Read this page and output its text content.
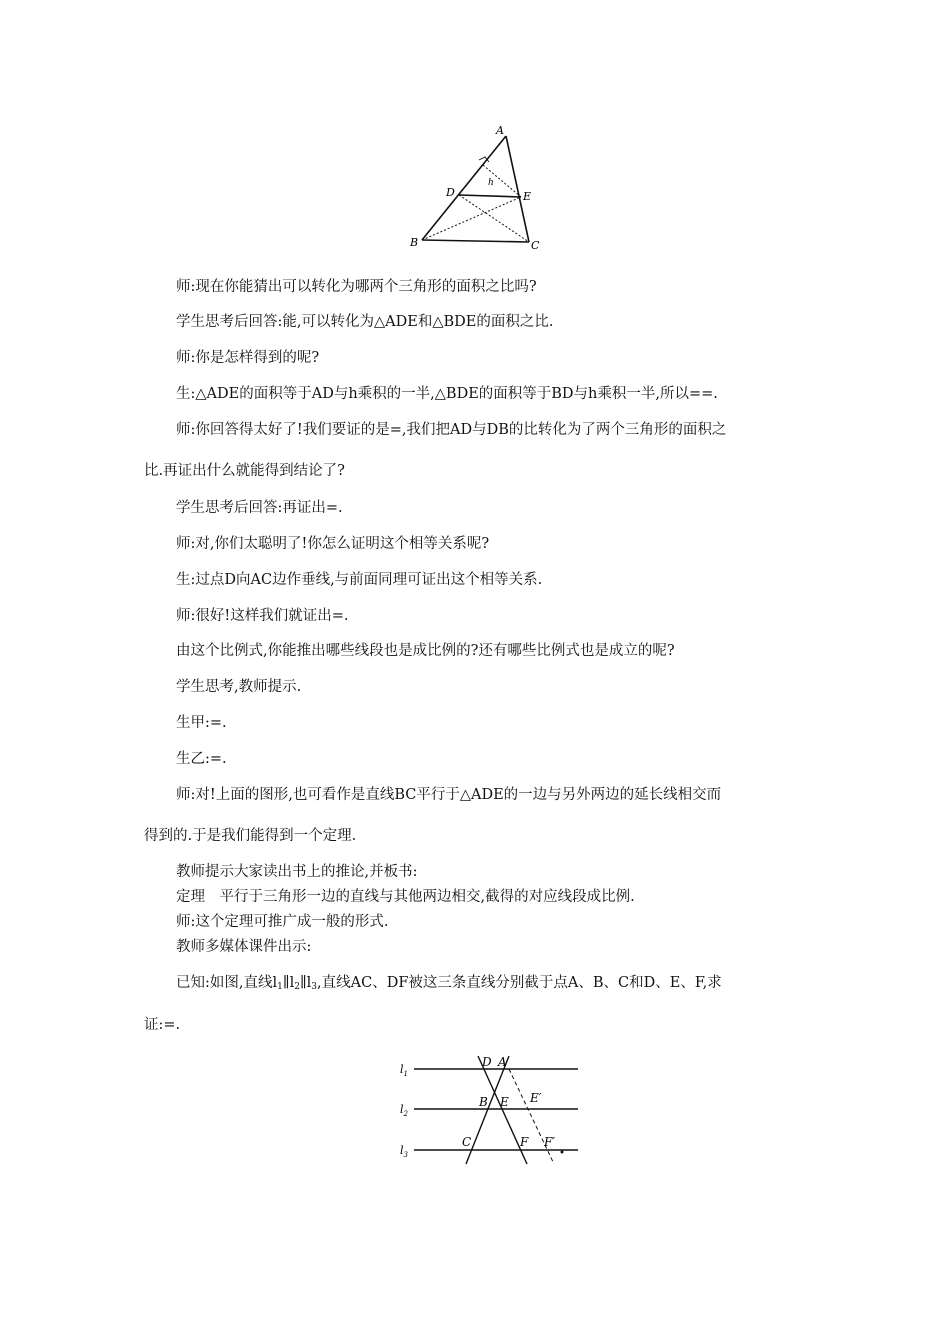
A
D	E
B	C
h
师:现在你能猜出可以转化为哪两个三角形的面积之比吗?
学生思考后回答:能,可以转化为△ADE和△BDE的面积之比.
师:你是怎样得到的呢?
生:△ADE的面积等于AD与h乘积的一半,△BDE的面积等于BD与h乘积一半,所以==.
师:你回答得太好了!我们要证的是=,我们把AD与DB的比转化为了两个三角形的面积之
比.再证出什么就能得到结论了?
学生思考后回答:再证出=.
师:对,你们太聪明了!你怎么证明这个相等关系呢?
生:过点D向AC边作垂线,与前面同理可证出这个相等关系.
师:很好!这样我们就证出=.
由这个比例式,你能推出哪些线段也是成比例的?还有哪些比例式也是成立的呢?
学生思考,教师提示.
生甲:=.
生乙:=.
师:对!上面的图形,也可看作是直线BC平行于△ADE的一边与另外两边的延长线相交而
得到的.于是我们能得到一个定理.
教师提示大家读出书上的推论,并板书:
定理　平行于三角形一边的直线与其他两边相交,截得的对应线段成比例.
师:这个定理可推广成一般的形式.
教师多媒体课件出示:
已知:如图,直线$l_1\parallel l_2\parallel l_3$,直线AC、DF被这三条直线分别截于点A、B、C和D、E、F,求
证:=.
$l_1$
$l_2$
$l_3$
D A
B E E′
C	F F′
